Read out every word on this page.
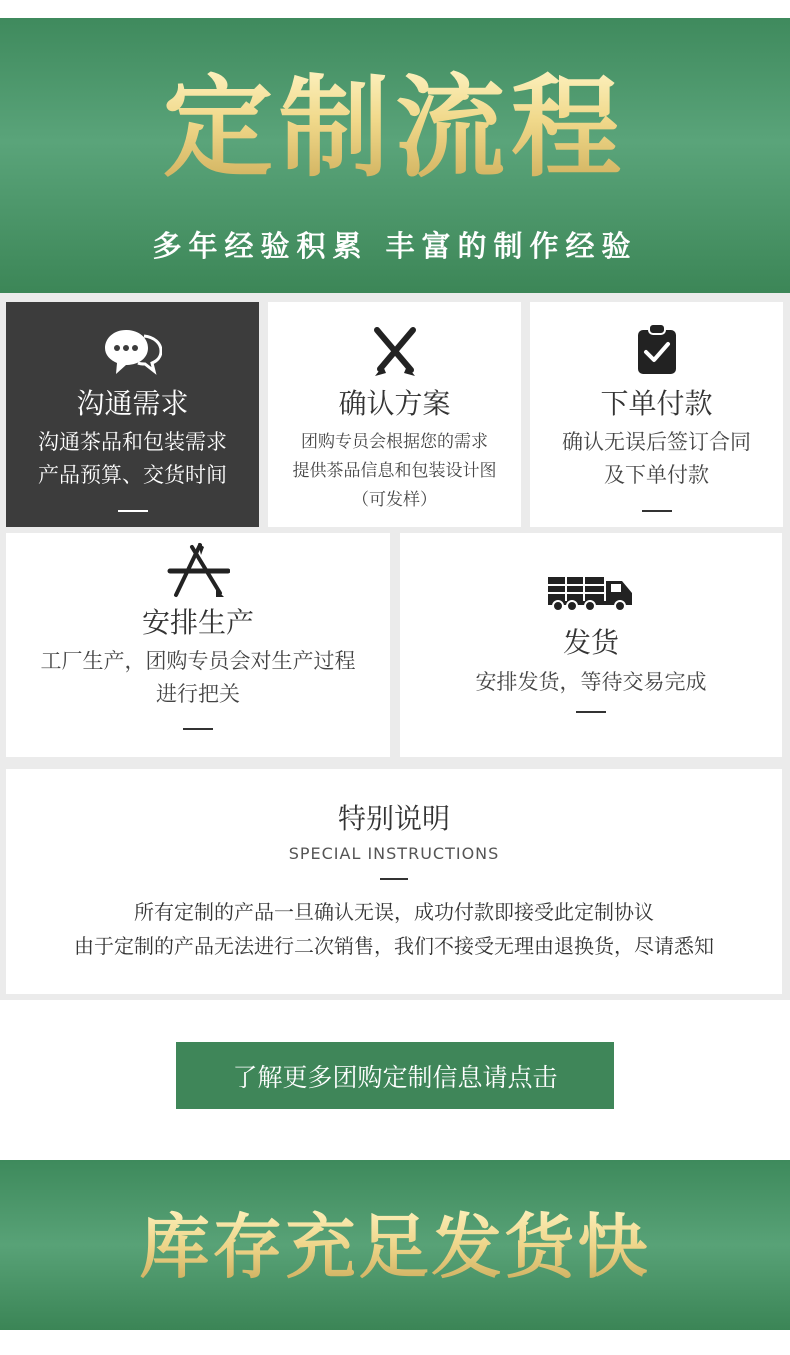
定制流程
多年经验积累 丰富的制作经验
沟通需求
沟通茶品和包装需求
产品预算、交货时间
确认方案
团购专员会根据您的需求
提供茶品信息和包装设计图
（可发样）
下单付款
确认无误后签订合同
及下单付款
安排生产
工厂生产，团购专员会对生产过程
进行把关
发货
安排发货，等待交易完成
特别说明
SPECIAL INSTRUCTIONS
所有定制的产品一旦确认无误，成功付款即接受此定制协议
由于定制的产品无法进行二次销售，我们不接受无理由退换货，尽请悉知
了解更多团购定制信息请点击
库存充足发货快
